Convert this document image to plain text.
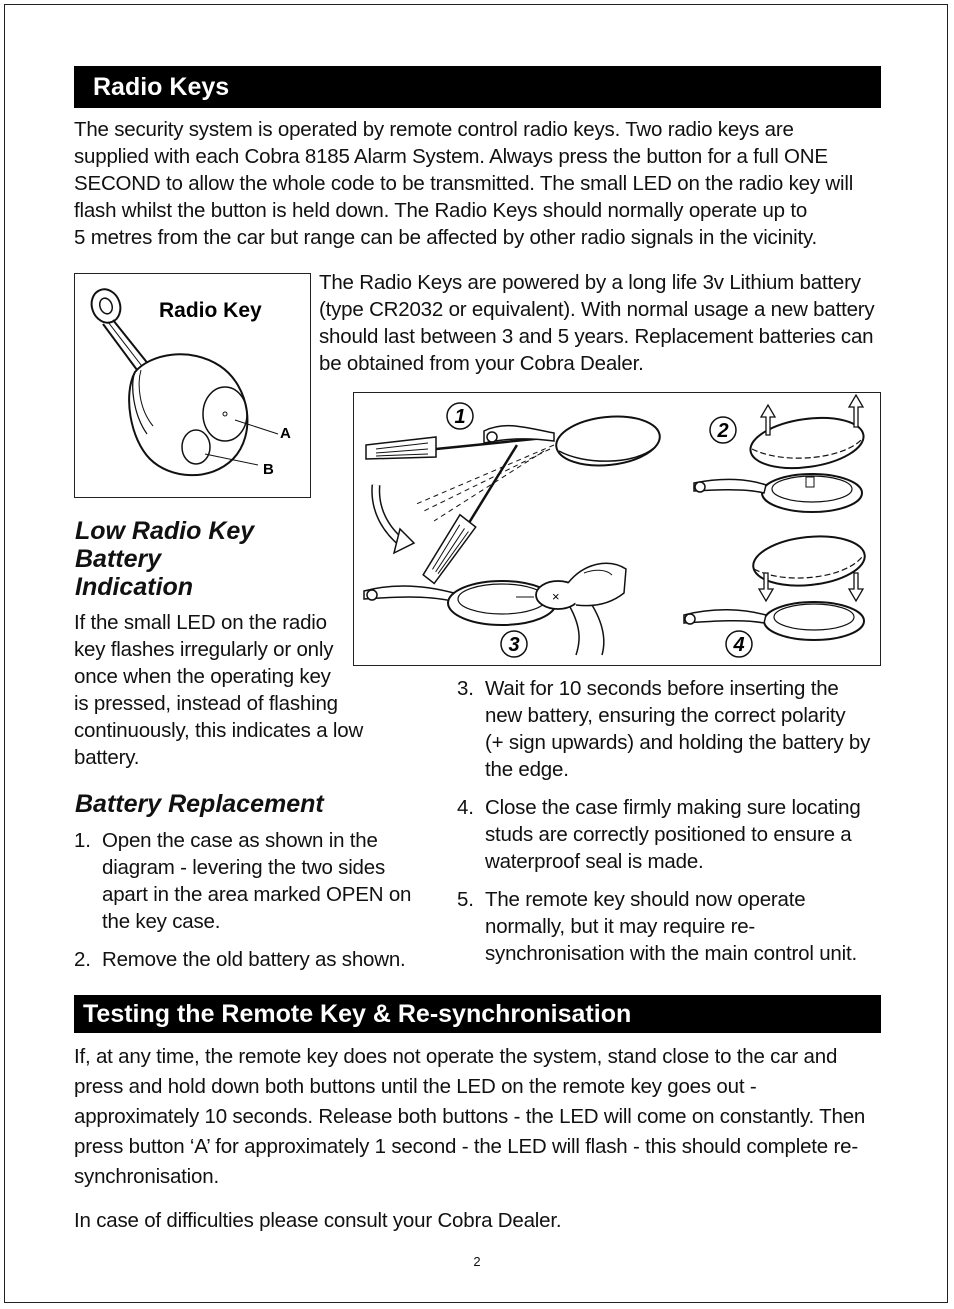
Radio Keys

The security system is operated by remote control radio keys. Two radio keys are

supplied with each Cobra 8185 Alarm System. Always press the button for a full ONE

SECOND to allow the whole code to be transmitted. The small LED on the radio key will

flash whilst the button is held down. The Radio Keys should normally operate up to

5 metres from the car but range can be affected by other radio signals in the vicinity.

Radio Key
A
B

The Radio Keys are powered by a long life 3v Lithium battery

(type CR2032 or equivalent). With normal usage a new battery

should last between 3 and 5 years. Replacement batteries can

be obtained from your Cobra Dealer.

×
1
2
3	4
Low Radio Key
Battery
Indication

If the small LED on the radio

key flashes irregularly or only

once when the operating key

is pressed, instead of flashing

continuously, this indicates a low

battery.

Battery Replacement
1. Open the case as shown in the

diagram - levering the two sides

apart in the area marked OPEN on

the key case.

2. Remove the old battery as shown.

3. Wait for 10 seconds before inserting the

new battery, ensuring the correct polarity

(+ sign upwards) and holding the battery by

the edge.

4. Close the case firmly making sure locating

studs are correctly positioned to ensure a

waterproof seal is made.

5. The remote key should now operate

normally, but it may require re-

synchronisation with the main control unit.

Testing the Remote Key & Re-synchronisation

If, at any time, the remote key does not operate the system, stand close to the car and

press and hold down both buttons until the LED on the remote key goes out -

approximately 10 seconds. Release both buttons - the LED will come on constantly. Then

press button ‘A’ for approximately 1 second - the LED will flash - this should complete re-

synchronisation.

In case of difficulties please consult your Cobra Dealer.
2
